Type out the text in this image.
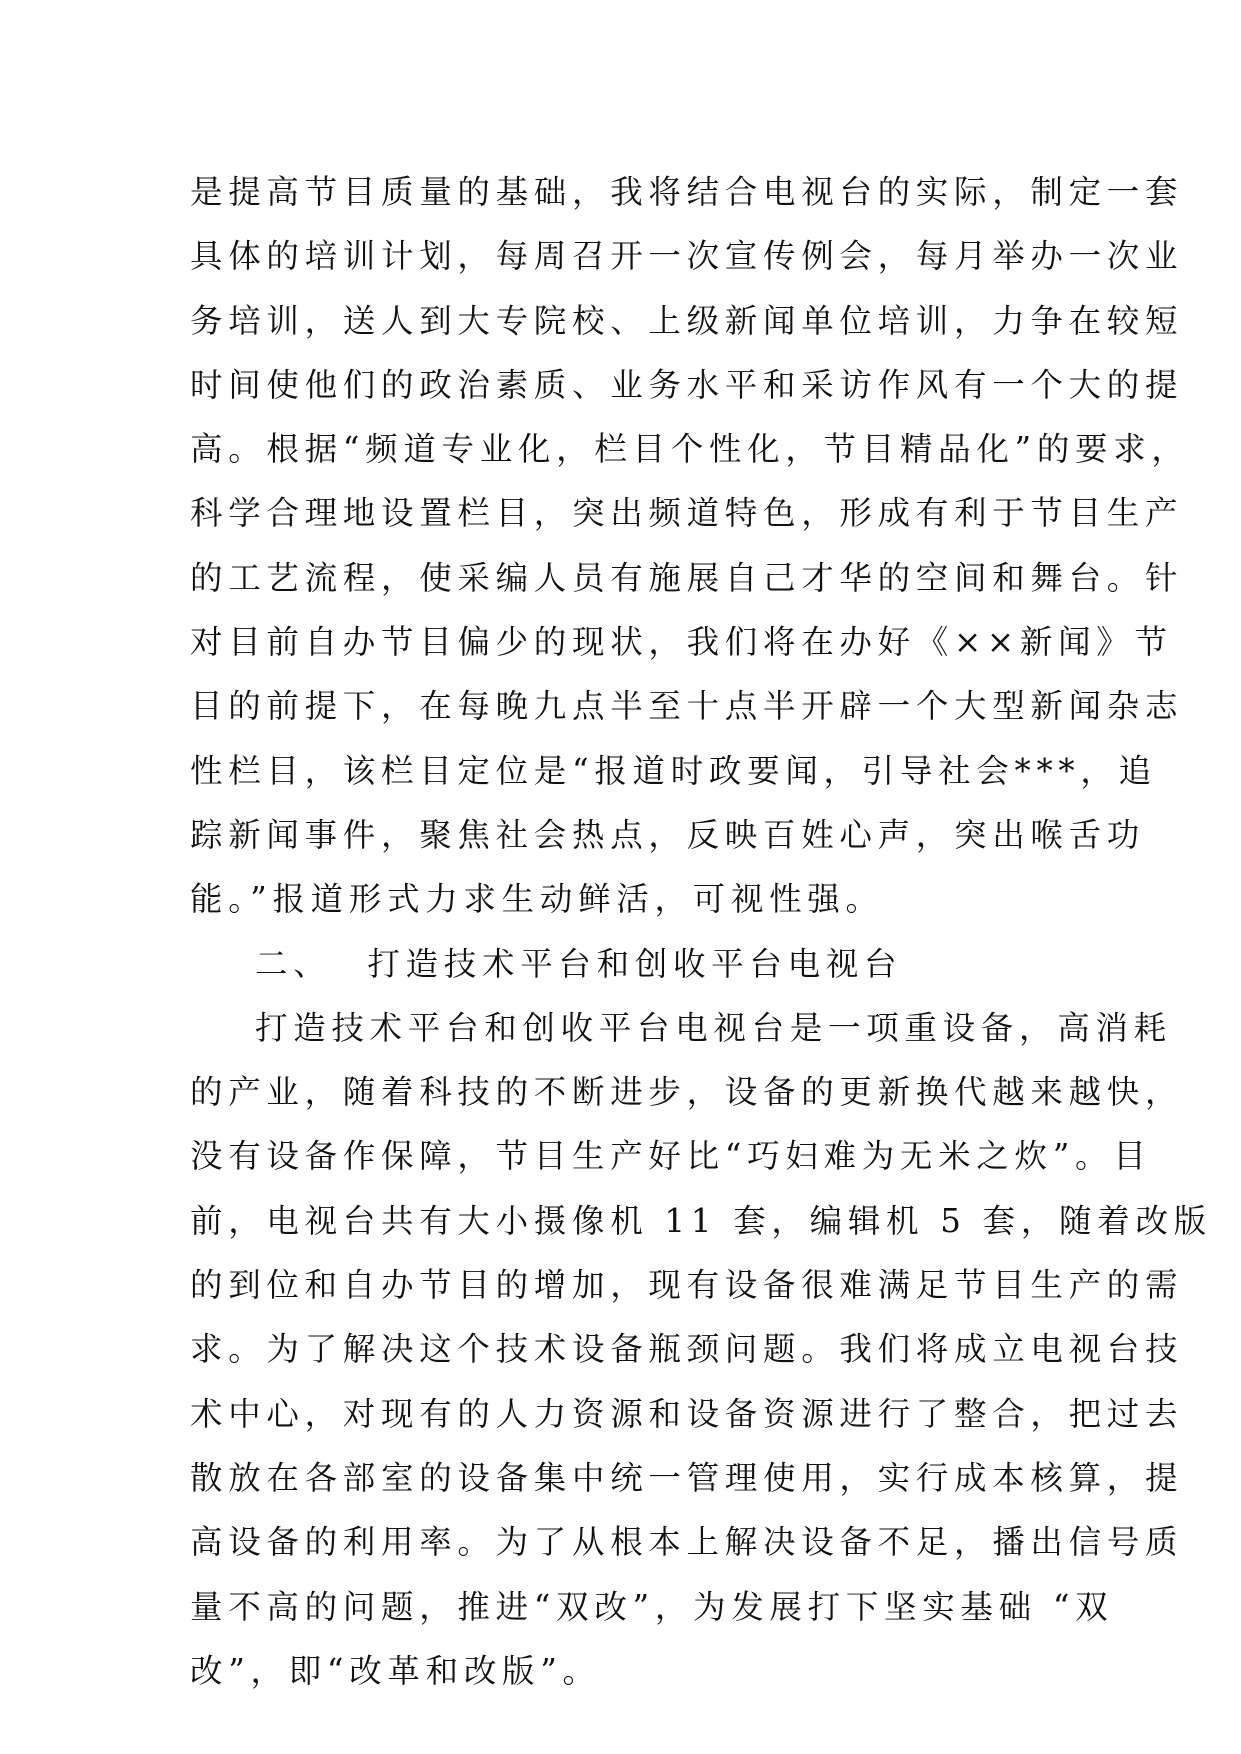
是提高节目质量的基础，我将结合电视台的实际，制定一套
具体的培训计划，每周召开一次宣传例会，每月举办一次业
务培训，送人到大专院校、上级新闻单位培训，力争在较短
时间使他们的政治素质、业务水平和采访作风有一个大的提
高。根据“频道专业化，栏目个性化，节目精品化”的要求，
科学合理地设置栏目，突出频道特色，形成有利于节目生产
的工艺流程，使采编人员有施展自己才华的空间和舞台。针
对目前自办节目偏少的现状，我们将在办好《××新闻》节
目的前提下，在每晚九点半至十点半开辟一个大型新闻杂志
性栏目，该栏目定位是“报道时政要闻，引导社会***，追
踪新闻事件，聚焦社会热点，反映百姓心声，突出喉舌功
能。”报道形式力求生动鲜活，可视性强。
二、 打造技术平台和创收平台电视台
打造技术平台和创收平台电视台是一项重设备，高消耗
的产业，随着科技的不断进步，设备的更新换代越来越快，
没有设备作保障，节目生产好比“巧妇难为无米之炊”。目
前，电视台共有大小摄像机 11 套，编辑机 5 套，随着改版
的到位和自办节目的增加，现有设备很难满足节目生产的需
求。为了解决这个技术设备瓶颈问题。我们将成立电视台技
术中心，对现有的人力资源和设备资源进行了整合，把过去
散放在各部室的设备集中统一管理使用，实行成本核算，提
高设备的利用率。为了从根本上解决设备不足，播出信号质
量不高的问题，推进“双改”，为发展打下坚实基础 “双
改”，即“改革和改版”。
